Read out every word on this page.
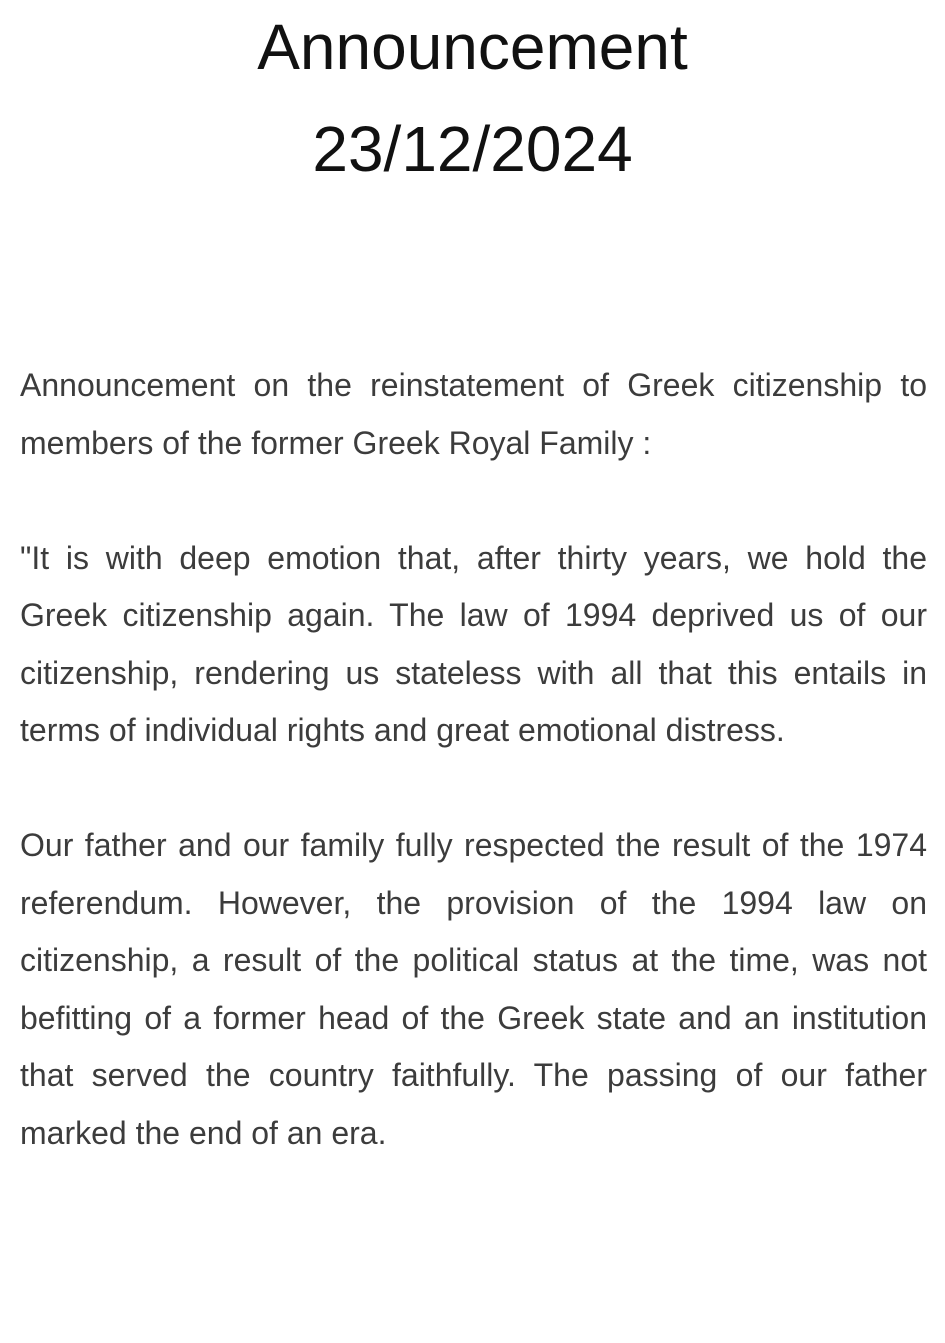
Announcement
23/12/2024

Announcement on the reinstatement of Greek citizenship to members of the former Greek Royal Family :

"It is with deep emotion that, after thirty years, we hold the Greek citizenship again. The law of 1994 deprived us of our citizenship, rendering us stateless with all that this entails in terms of individual rights and great emotional distress.

Our father and our family fully respected the result of the 1974 referendum. However, the provision of the 1994 law on citizenship, a result of the political status at the time, was not befitting of a former head of the Greek state and an institution that served the country faithfully. The passing of our father marked the end of an era.
